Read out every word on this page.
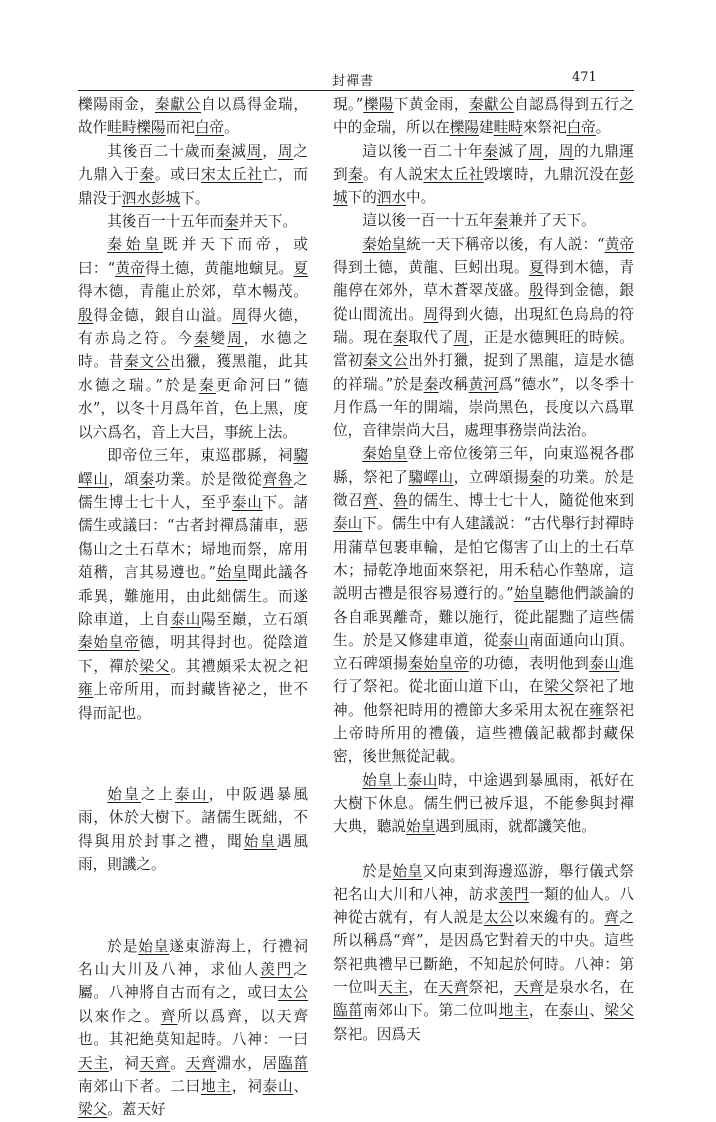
封禪書	471

櫟陽雨金，秦獻公自以爲得金瑞，故作畦畤櫟陽而祀白帝。

其後百二十歲而秦滅周，周之九鼎入于秦。或曰宋太丘社亡，而鼎没于泗水彭城下。

其後百一十五年而秦并天下。

秦始皇既并天下而帝，或曰：“黄帝得土德，黄龍地螾見。夏得木德，青龍止於郊，草木暢茂。殷得金德，銀自山溢。周得火德，有赤烏之符。今秦變周，水德之時。昔秦文公出獵，獲黑龍，此其水德之瑞。”於是秦更命河曰“德水”，以冬十月爲年首，色上黑，度以六爲名，音上大吕，事統上法。

即帝位三年，東巡郡縣，祠騶嶧山，頌秦功業。於是徵從齊魯之儒生博士七十人，至乎泰山下。諸儒生或議曰：“古者封禪爲蒲車，惡傷山之土石草木；埽地而祭，席用葅稭，言其易遵也。”始皇聞此議各乖異，難施用，由此絀儒生。而遂除車道，上自泰山陽至巔，立石頌秦始皇帝德，明其得封也。從陰道下，禪於梁父。其禮頗采太祝之祀雍上帝所用，而封藏皆祕之，世不得而記也。

始皇之上泰山，中阪遇暴風雨，休於大樹下。諸儒生既絀，不得與用於封事之禮，聞始皇遇風雨，則譏之。

於是始皇遂東游海上，行禮祠名山大川及八神，求仙人羡門之屬。八神將自古而有之，或曰太公以來作之。齊所以爲齊，以天齊也。其祀絶莫知起時。八神：一曰天主，祠天齊。天齊淵水，居臨菑南郊山下者。二曰地主，祠泰山、梁父。蓋天好

現。”櫟陽下黄金雨，秦獻公自認爲得到五行之中的金瑞，所以在櫟陽建畦畤來祭祀白帝。

這以後一百二十年秦滅了周，周的九鼎運到秦。有人説宋太丘社毁壞時，九鼎沉没在彭城下的泗水中。

這以後一百一十五年秦兼并了天下。

秦始皇統一天下稱帝以後，有人説：“黄帝得到土德，黄龍、巨蚓出現。夏得到木德，青龍停在郊外，草木蒼翠茂盛。殷得到金德，銀從山間流出。周得到火德，出現紅色烏鳥的符瑞。現在秦取代了周，正是水德興旺的時候。當初秦文公出外打獵，捉到了黑龍，這是水德的祥瑞。”於是秦改稱黄河爲“德水”，以冬季十月作爲一年的開端，崇尚黑色，長度以六爲單位，音律崇尚大吕，處理事務崇尚法治。

秦始皇登上帝位後第三年，向東巡視各郡縣，祭祀了騶嶧山，立碑頌揚秦的功業。於是徵召齊、魯的儒生、博士七十人，隨從他來到泰山下。儒生中有人建議説：“古代舉行封禪時用蒲草包裹車輪，是怕它傷害了山上的土石草木；掃乾净地面來祭祀，用禾秸心作墊席，這説明古禮是很容易遵行的。”始皇聽他們談論的各自乖異離奇，難以施行，從此罷黜了這些儒生。於是又修建車道，從泰山南面通向山頂。立石碑頌揚秦始皇帝的功德，表明他到泰山進行了祭祀。從北面山道下山，在梁父祭祀了地神。他祭祀時用的禮節大多采用太祝在雍祭祀上帝時所用的禮儀，這些禮儀記載都封藏保密，後世無從記載。

始皇上泰山時，中途遇到暴風雨，祇好在大樹下休息。儒生們已被斥退，不能參與封禪大典，聽説始皇遇到風雨，就都譏笑他。

於是始皇又向東到海邊巡游，舉行儀式祭祀名山大川和八神，訪求羡門一類的仙人。八神從古就有，有人説是太公以來纔有的。齊之所以稱爲“齊”，是因爲它對着天的中央。這些祭祀典禮早已斷絶，不知起於何時。八神：第一位叫天主，在天齊祭祀，天齊是泉水名，在臨菑南郊山下。第二位叫地主，在泰山、梁父祭祀。因爲天
